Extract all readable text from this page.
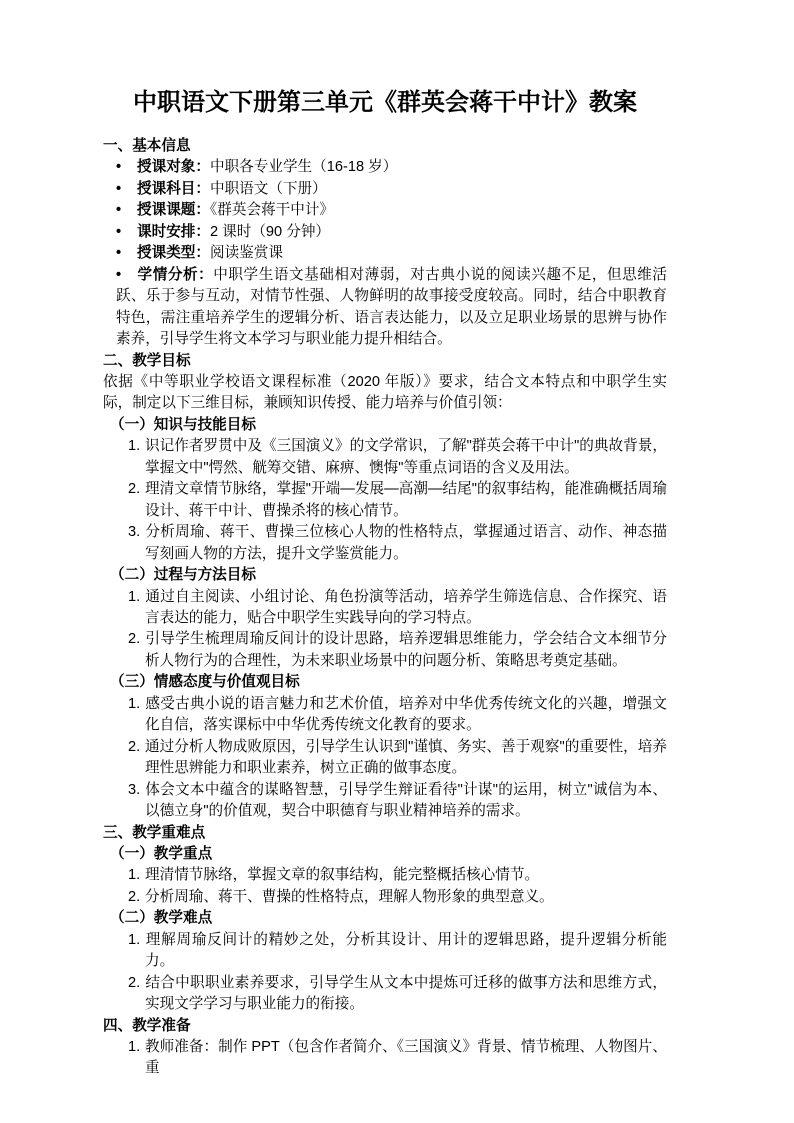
中职语文下册第三单元《群英会蒋干中计》教案
一、基本信息
• 授课对象：中职各专业学生（16-18 岁）
• 授课科目：中职语文（下册）
• 授课课题：《群英会蒋干中计》
• 课时安排：2 课时（90 分钟）
• 授课类型：阅读鉴赏课
• 学情分析：中职学生语文基础相对薄弱，对古典小说的阅读兴趣不足，但思维活跃、乐于参与互动，对情节性强、人物鲜明的故事接受度较高。同时，结合中职教育特色，需注重培养学生的逻辑分析、语言表达能力，以及立足职业场景的思辨与协作素养，引导学生将文本学习与职业能力提升相结合。
二、教学目标

依据《中等职业学校语文课程标准（2020 年版）》要求，结合文本特点和中职学生实际，制定以下三维目标，兼顾知识传授、能力培养与价值引领：

（一）知识与技能目标
1. 识记作者罗贯中及《三国演义》的文学常识，了解"群英会蒋干中计"的典故背景，掌握文中"愕然、觥筹交错、麻痹、懊悔"等重点词语的含义及用法。
2. 理清文章情节脉络，掌握"开端—发展—高潮—结尾"的叙事结构，能准确概括周瑜设计、蒋干中计、曹操杀将的核心情节。
3. 分析周瑜、蒋干、曹操三位核心人物的性格特点，掌握通过语言、动作、神态描写刻画人物的方法，提升文学鉴赏能力。
（二）过程与方法目标
1. 通过自主阅读、小组讨论、角色扮演等活动，培养学生筛选信息、合作探究、语言表达的能力，贴合中职学生实践导向的学习特点。
2. 引导学生梳理周瑜反间计的设计思路，培养逻辑思维能力，学会结合文本细节分析人物行为的合理性，为未来职业场景中的问题分析、策略思考奠定基础。
（三）情感态度与价值观目标
1. 感受古典小说的语言魅力和艺术价值，培养对中华优秀传统文化的兴趣，增强文化自信，落实课标中中华优秀传统文化教育的要求。
2. 通过分析人物成败原因，引导学生认识到"谨慎、务实、善于观察"的重要性，培养理性思辨能力和职业素养，树立正确的做事态度。
3. 体会文本中蕴含的谋略智慧，引导学生辩证看待"计谋"的运用，树立"诚信为本、以德立身"的价值观，契合中职德育与职业精神培养的需求。
三、教学重难点
（一）教学重点
1. 理清情节脉络，掌握文章的叙事结构，能完整概括核心情节。
2. 分析周瑜、蒋干、曹操的性格特点，理解人物形象的典型意义。
（二）教学难点
1. 理解周瑜反间计的精妙之处，分析其设计、用计的逻辑思路，提升逻辑分析能力。
2. 结合中职职业素养要求，引导学生从文本中提炼可迁移的做事方法和思维方式，实现文学学习与职业能力的衔接。
四、教学准备
1. 教师准备：制作 PPT（包含作者简介、《三国演义》背景、情节梳理、人物图片、重
